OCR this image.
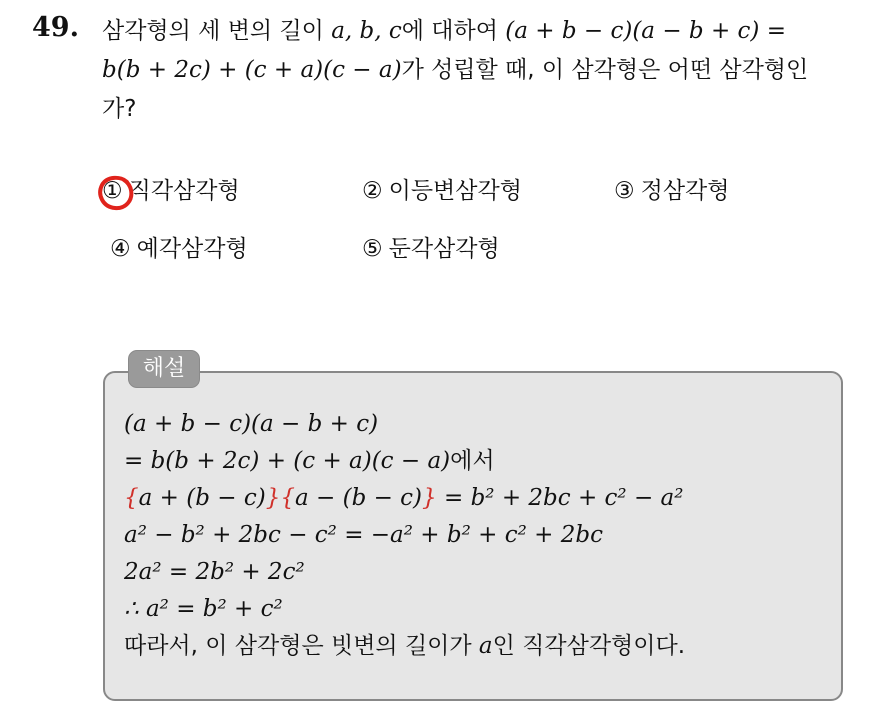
49. 삼각형의 세 변의 길이 a, b, c에 대하여 (a + b − c)(a − b + c) =
b(b + 2c) + (c + a)(c − a)가 성립할 때, 이 삼각형은 어떤 삼각형인
가?
① 직각삼각형	② 이등변삼각형	③ 정삼각형
④ 예각삼각형	⑤ 둔각삼각형
해설
(a + b − c)(a − b + c)
= b(b + 2c) + (c + a)(c − a)에서
{a + (b − c)}{a − (b − c)} = b² + 2bc + c² − a²
a² − b² + 2bc − c² = −a² + b² + c² + 2bc
2a² = 2b² + 2c²
∴ a² = b² + c²
따라서, 이 삼각형은 빗변의 길이가 a인 직각삼각형이다.
